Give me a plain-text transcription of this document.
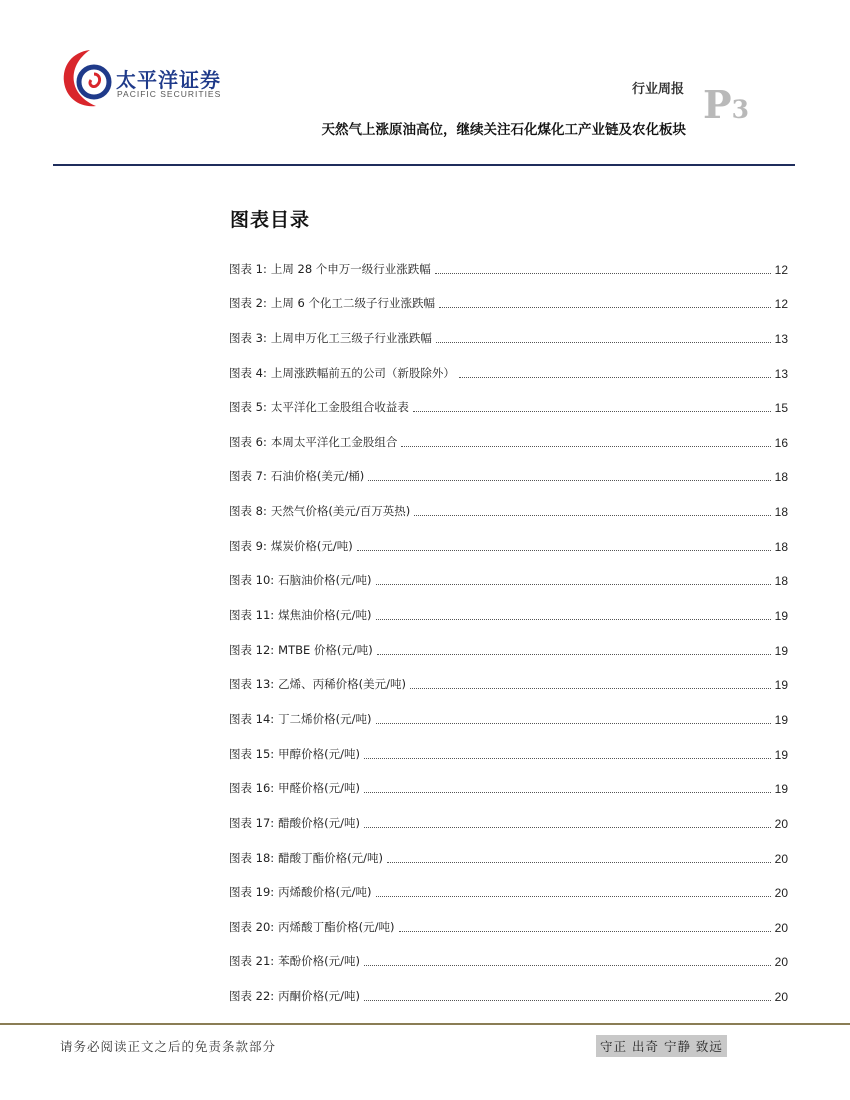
太平洋证券
PACIFIC SECURITIES	行业周报 P3
天然气上涨原油高位，继续关注石化煤化工产业链及农化板块
图表目录
图表 1: 上周 28 个申万一级行业涨跌幅	12
图表 2: 上周 6 个化工二级子行业涨跌幅	12
图表 3: 上周申万化工三级子行业涨跌幅	13
图表 4: 上周涨跌幅前五的公司（新股除外）	13
图表 5: 太平洋化工金股组合收益表	15
图表 6: 本周太平洋化工金股组合	16
图表 7: 石油价格(美元/桶)	18
图表 8: 天然气价格(美元/百万英热)	18
图表 9: 煤炭价格(元/吨)	18
图表 10: 石脑油价格(元/吨)	18
图表 11: 煤焦油价格(元/吨)	19
图表 12: MTBE 价格(元/吨)	19
图表 13: 乙烯、丙稀价格(美元/吨)	19
图表 14: 丁二烯价格(元/吨)	19
图表 15: 甲醇价格(元/吨)	19
图表 16: 甲醛价格(元/吨)	19
图表 17: 醋酸价格(元/吨)	20
图表 18: 醋酸丁酯价格(元/吨)	20
图表 19: 丙烯酸价格(元/吨)	20
图表 20: 丙烯酸丁酯价格(元/吨)	20
图表 21: 苯酚价格(元/吨)	20
图表 22: 丙酮价格(元/吨)	20
请务必阅读正文之后的免责条款部分	守正 出奇 宁静 致远
